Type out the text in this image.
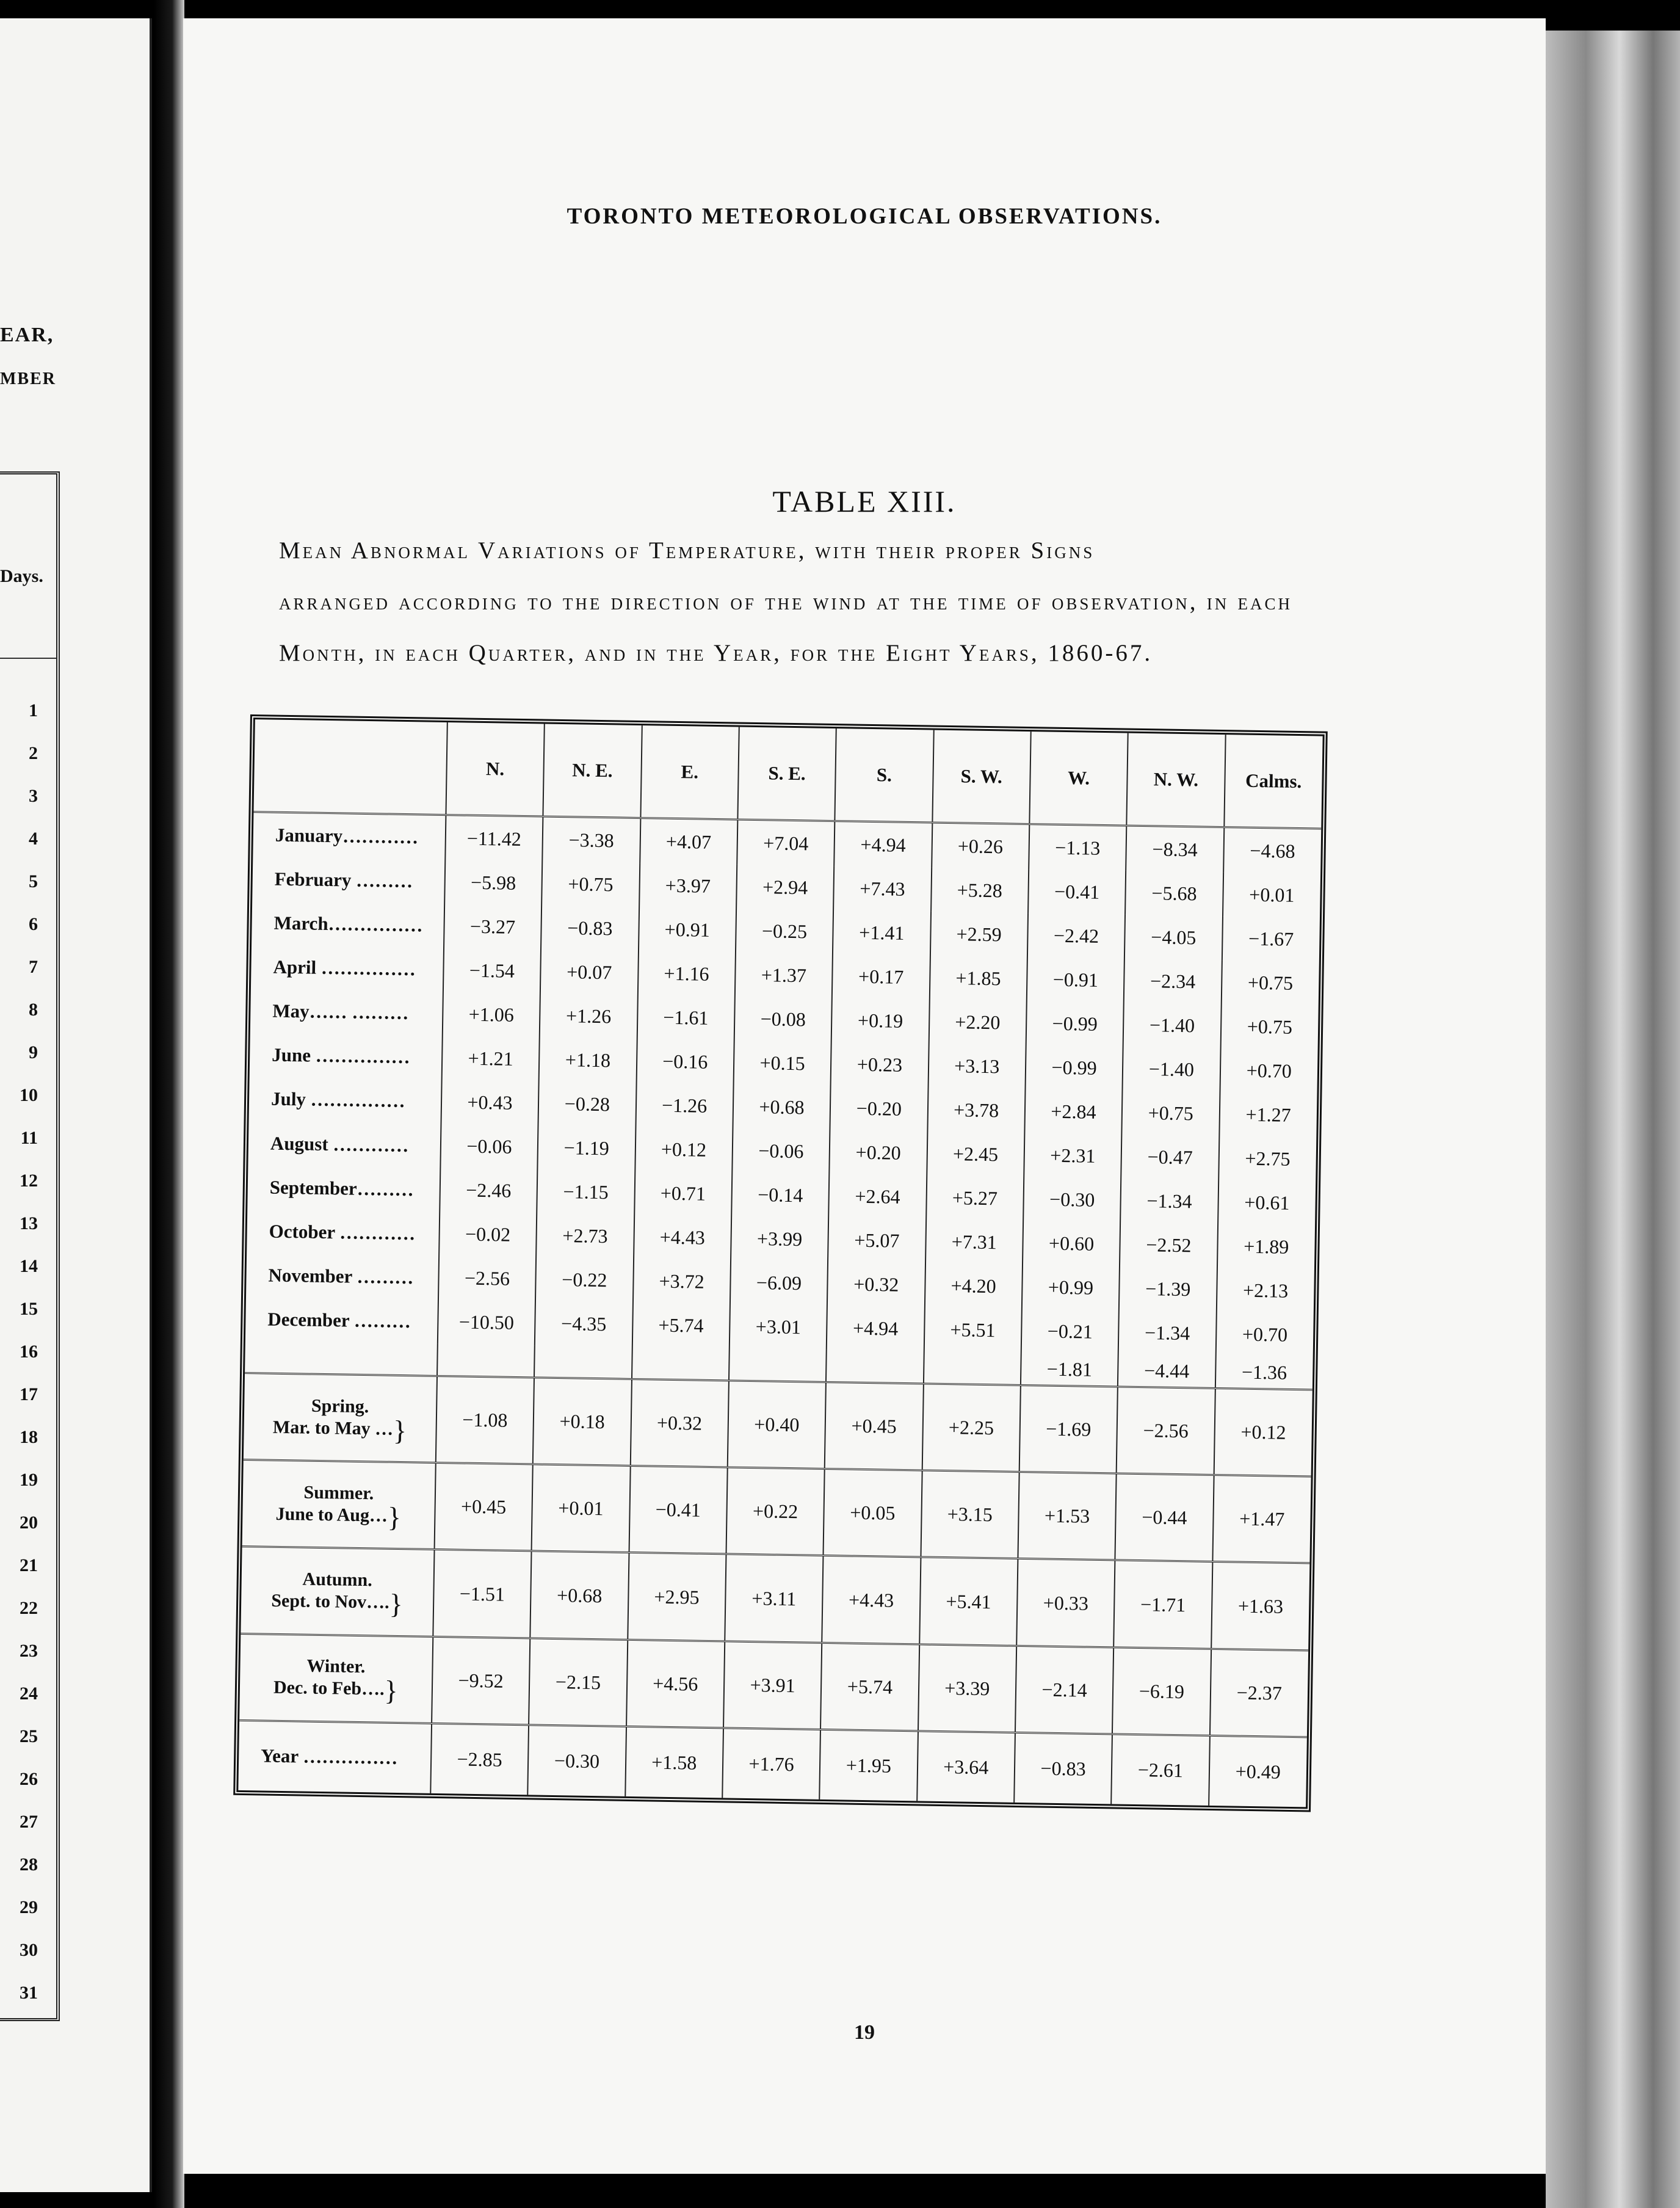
EAR,
MBER
Days.
1
2
3
4
5
6
7
8
9
10
11
12
13
14
15
16
17
18
19
20
21
22
23
24
25
26
27
28
29
30
31
TORONTO METEOROLOGICAL OBSERVATIONS.
TABLE XIII.
Mean Abnormal Variations of Temperature, with their proper Signs
arranged according to the direction of the wind at the time of observation, in each Month, in each Quarter, and in the Year, for the Eight Years, 1860-67.
	N.	N. E.	E.	S. E.	S.	S. W.	W.	N. W.	Calms.
January…………	−11.42	−3.38	+4.07	+7.04	+4.94	+0.26	−1.13	−8.34	−4.68
February ………	−5.98	+0.75	+3.97	+2.94	+7.43	+5.28	−0.41	−5.68	+0.01
March……………	−3.27	−0.83	+0.91	−0.25	+1.41	+2.59	−2.42	−4.05	−1.67
April ……………	−1.54	+0.07	+1.16	+1.37	+0.17	+1.85	−0.91	−2.34	+0.75
May…… ………	+1.06	+1.26	−1.61	−0.08	+0.19	+2.20	−0.99	−1.40	+0.75
June ……………	+1.21	+1.18	−0.16	+0.15	+0.23	+3.13	−0.99	−1.40	+0.70
July ……………	+0.43	−0.28	−1.26	+0.68	−0.20	+3.78	+2.84	+0.75	+1.27
August …………	−0.06	−1.19	+0.12	−0.06	+0.20	+2.45	+2.31	−0.47	+2.75
September………	−2.46	−1.15	+0.71	−0.14	+2.64	+5.27	−0.30	−1.34	+0.61
October …………	−0.02	+2.73	+4.43	+3.99	+5.07	+7.31	+0.60	−2.52	+1.89
November ………	−2.56	−0.22	+3.72	−6.09	+0.32	+4.20	+0.99	−1.39	+2.13
December ………	−10.50	−4.35	+5.74	+3.01	+4.94	+5.51	−0.21	−1.34	+0.70
							−1.81	−4.44	−1.36
Spring.
Mar. to May …}	−1.08	+0.18	+0.32	+0.40	+0.45	+2.25	−1.69	−2.56	+0.12
Summer.
June to Aug…}	+0.45	+0.01	−0.41	+0.22	+0.05	+3.15	+1.53	−0.44	+1.47
Autumn.
Sept. to Nov….}	−1.51	+0.68	+2.95	+3.11	+4.43	+5.41	+0.33	−1.71	+1.63
Winter.
Dec. to Feb….}	−9.52	−2.15	+4.56	+3.91	+5.74	+3.39	−2.14	−6.19	−2.37
Year ……………	−2.85	−0.30	+1.58	+1.76	+1.95	+3.64	−0.83	−2.61	+0.49
19
